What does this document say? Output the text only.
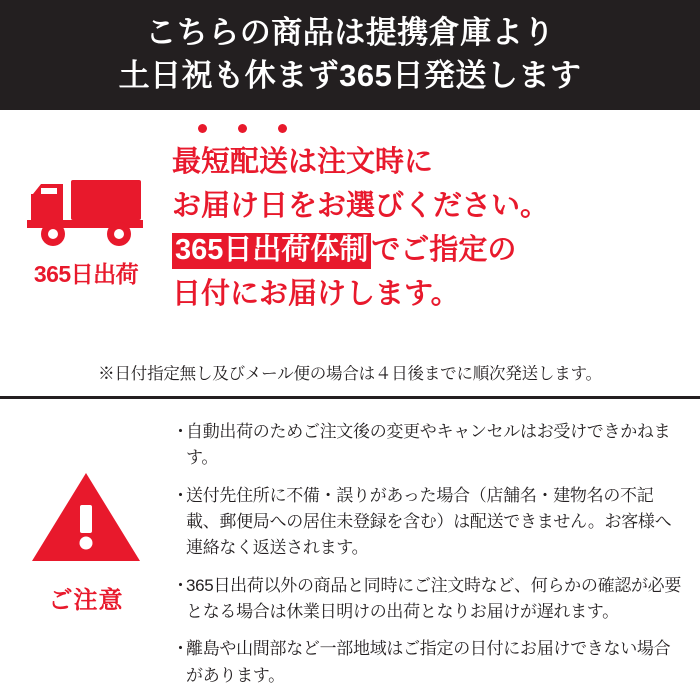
こちらの商品は提携倉庫より
土日祝も休まず365日発送します
365日出荷
最短配送は注文時に
お届け日をお選びください。
365日出荷体制 でご指定の
日付にお届けします。
※日付指定無し及びメール便の場合は４日後までに順次発送します。
ご注意
・
自動出荷のためご注文後の変更やキャンセルはお受けできかねます。
・
送付先住所に不備・誤りがあった場合（店舗名・建物名の不記載、郵便局への居住未登録を含む）は配送できません。お客様へ連絡なく返送されます。
・
365日出荷以外の商品と同時にご注文時など、何らかの確認が必要となる場合は休業日明けの出荷となりお届けが遅れます。
・
離島や山間部など一部地域はご指定の日付にお届けできない場合があります。
